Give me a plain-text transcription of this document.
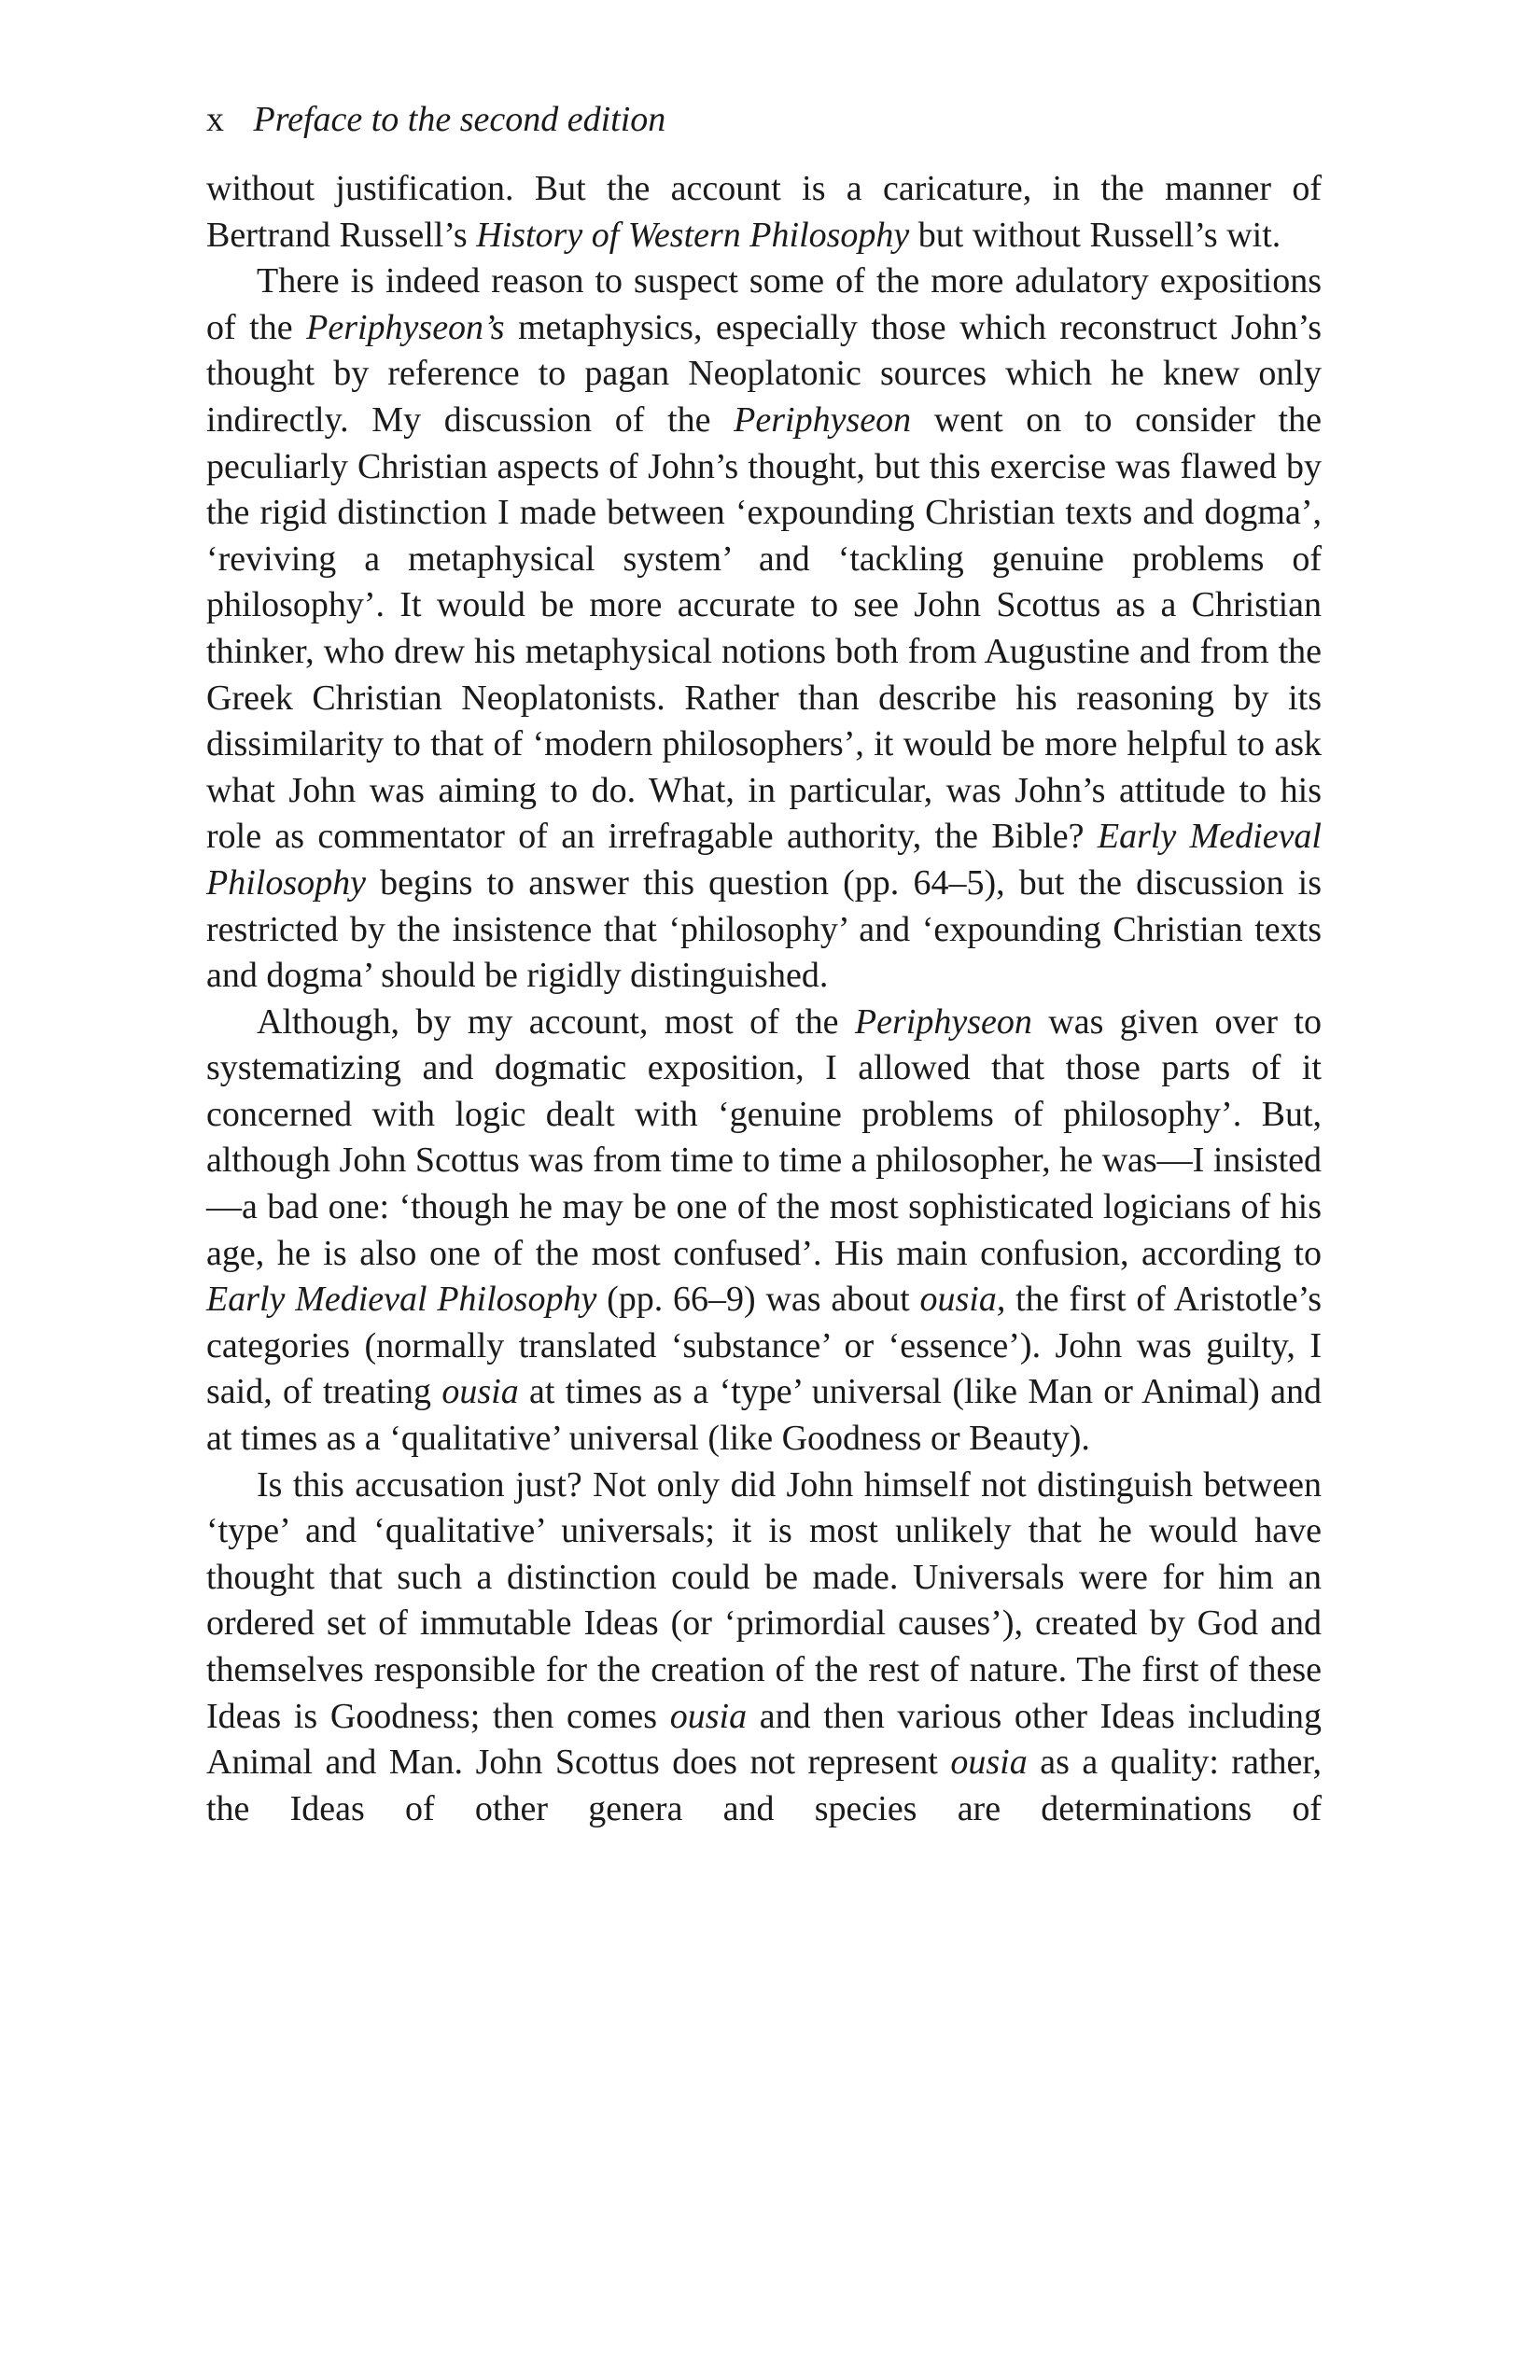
x Preface to the second edition

without justification. But the account is a caricature, in the manner of Bertrand Russell’s History of Western Philosophy but without Russell’s wit.

There is indeed reason to suspect some of the more adulatory expositions of the Periphyseon’s metaphysics, especially those which reconstruct John’s thought by reference to pagan Neoplatonic sources which he knew only indirectly. My discussion of the Periphyseon went on to consider the peculiarly Christian aspects of John’s thought, but this exercise was flawed by the rigid distinction I made between ‘expounding Christian texts and dogma’, ‘reviving a metaphysical system’ and ‘tackling genuine problems of philosophy’. It would be more accurate to see John Scottus as a Christian thinker, who drew his metaphysical notions both from Augustine and from the Greek Christian Neoplatonists. Rather than describe his reasoning by its dissimilarity to that of ‘modern philosophers’, it would be more helpful to ask what John was aiming to do. What, in particular, was John’s attitude to his role as commentator of an irrefragable authority, the Bible? Early Medieval Philosophy begins to answer this question (pp. 64–5), but the discussion is restricted by the insistence that ‘philosophy’ and ‘expounding Christian texts and dogma’ should be rigidly distinguished.

Although, by my account, most of the Periphyseon was given over to systematizing and dogmatic exposition, I allowed that those parts of it concerned with logic dealt with ‘genuine problems of philosophy’. But, although John Scottus was from time to time a philosopher, he was—I insisted—a bad one: ‘though he may be one of the most sophisticated logicians of his age, he is also one of the most confused’. His main confusion, according to Early Medieval Philosophy (pp. 66–9) was about ousia, the first of Aristotle’s categories (normally translated ‘substance’ or ‘essence’). John was guilty, I said, of treating ousia at times as a ‘type’ universal (like Man or Animal) and at times as a ‘qualitative’ universal (like Goodness or Beauty).

Is this accusation just? Not only did John himself not distinguish between ‘type’ and ‘qualitative’ universals; it is most unlikely that he would have thought that such a distinction could be made. Universals were for him an ordered set of immutable Ideas (or ‘primordial causes’), created by God and themselves responsible for the creation of the rest of nature. The first of these Ideas is Goodness; then comes ousia and then various other Ideas including Animal and Man. John Scottus does not represent ousia as a quality: rather, the Ideas of other genera and species are determinations of
